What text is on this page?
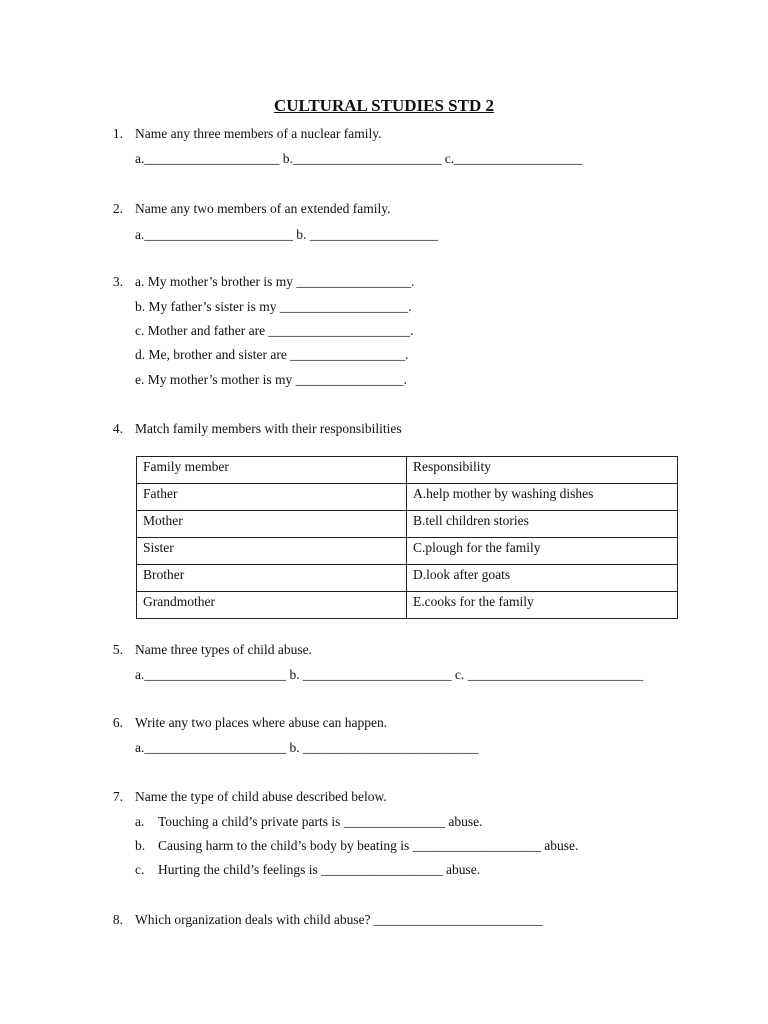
CULTURAL STUDIES STD 2
1. Name any three members of a nuclear family.
a.____________________ b.______________________ c.___________________
2. Name any two members of an extended family.
a.______________________ b. ___________________
3. a. My mother’s brother is my _________________.
b. My father’s sister is my ___________________.
c. Mother and father are _____________________.
d. Me, brother and sister are _________________.
e. My mother’s mother is my ________________.
4. Match family members with their responsibilities
Family member	Responsibility
Father	A.help mother by washing dishes
Mother	B.tell children stories
Sister	C.plough for the family
Brother	D.look after goats
Grandmother	E.cooks for the family
5. Name three types of child abuse.
a._____________________ b. ______________________ c. __________________________
6. Write any two places where abuse can happen.
a._____________________ b. __________________________
7. Name the type of child abuse described below.
a. Touching a child’s private parts is _______________ abuse.
b. Causing harm to the child’s body by beating is ___________________ abuse.
c. Hurting the child’s feelings is __________________ abuse.
8. Which organization deals with child abuse? _________________________
